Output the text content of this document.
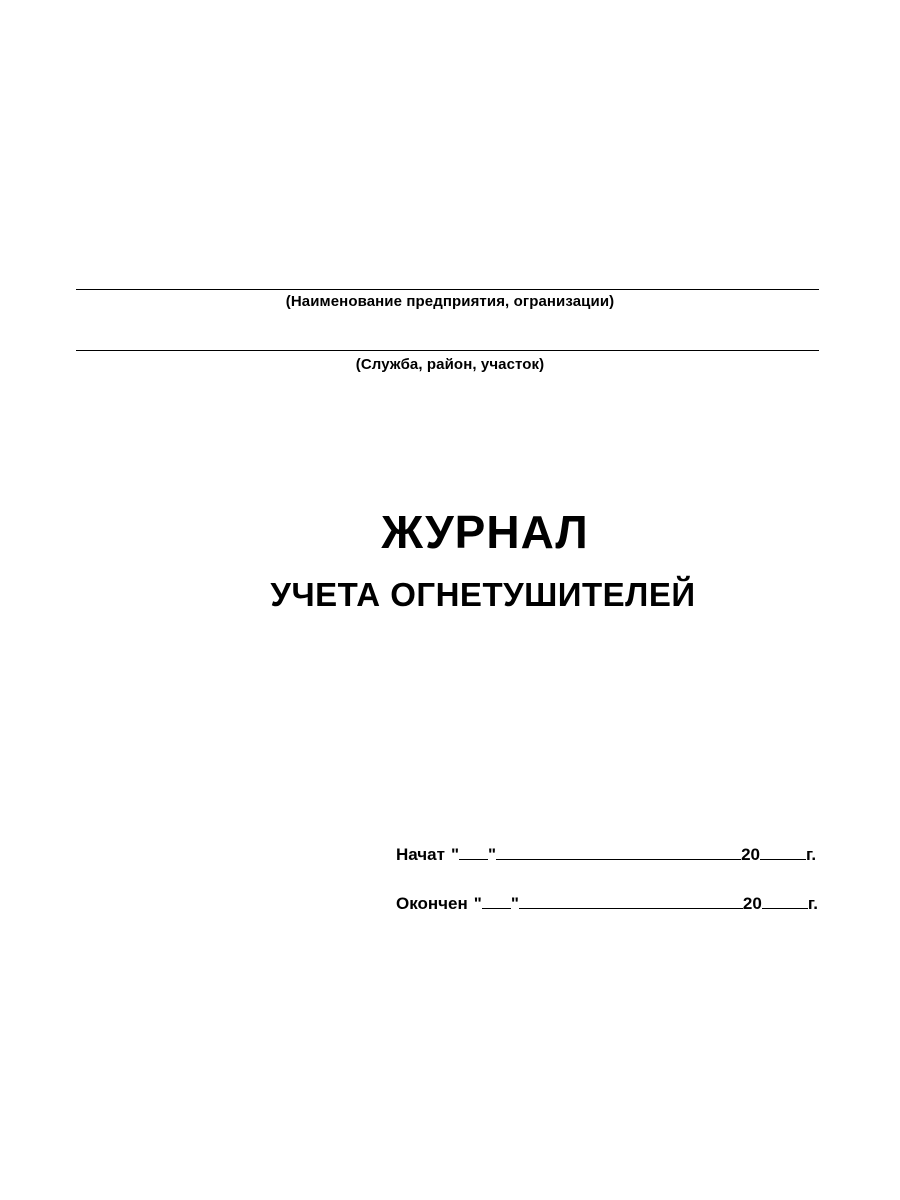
(Наименование предприятия, огранизации)
(Служба, район, участок)
ЖУРНАЛ
УЧЕТА ОГНЕТУШИТЕЛЕЙ
Начат " "	20	г.
Окончен " "	20	г.
